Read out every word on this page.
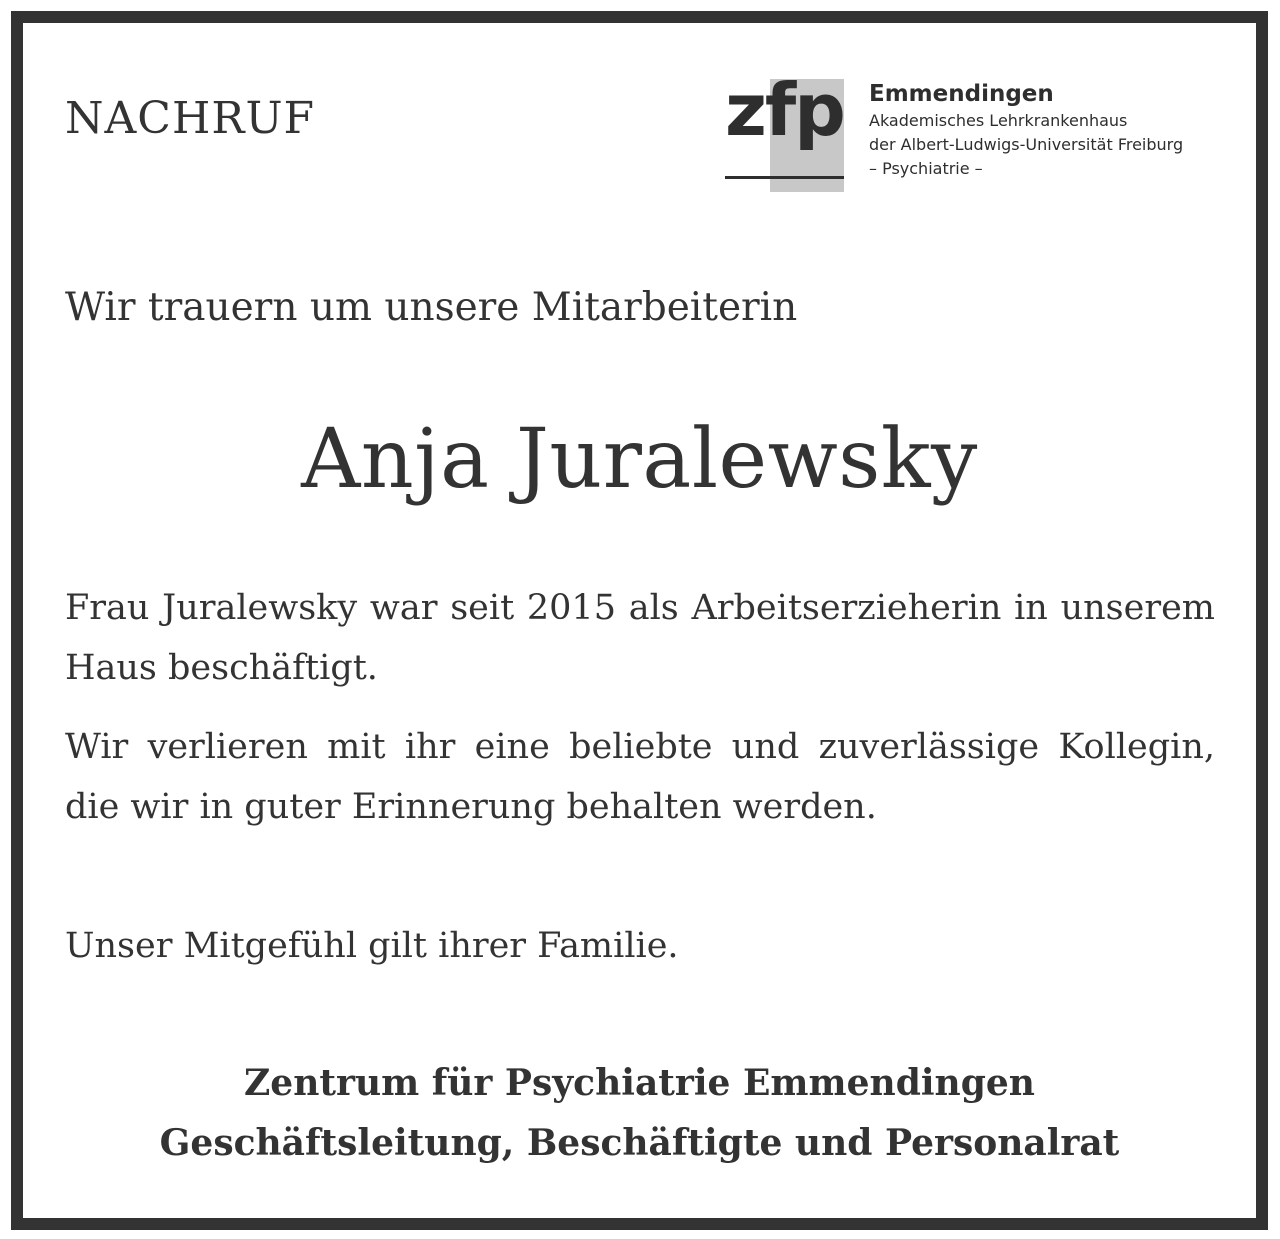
NACHRUF	zfp Emmendingen
Akademisches Lehrkrankenhaus
der Albert-Ludwigs-Universität Freiburg
– Psychiatrie –
Wir trauern um unsere Mitarbeiterin
Anja Juralewsky

Frau Juralewsky war seit 2015 als Arbeitserzieherin in unserem Haus beschäftigt.

Wir verlieren mit ihr eine beliebte und zuverlässige Kollegin, die wir in guter Erinnerung behalten werden.

Unser Mitgefühl gilt ihrer Familie.

Zentrum für Psychiatrie Emmendingen
Geschäftsleitung, Beschäftigte und Personalrat
